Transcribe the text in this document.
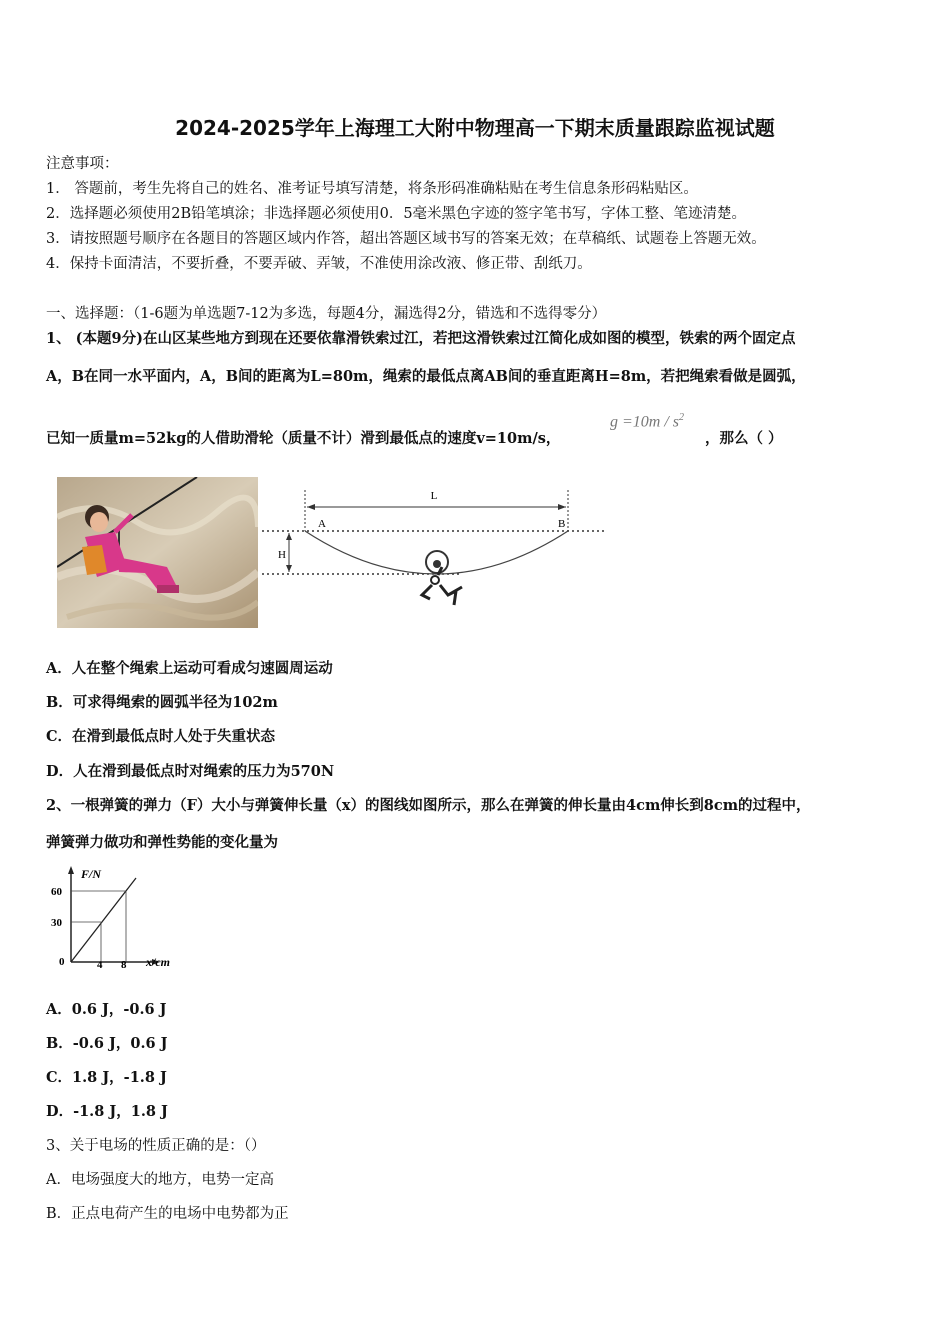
2024-2025学年上海理工大附中物理高一下期末质量跟踪监视试题
注意事项：
1． 答题前，考生先将自己的姓名、准考证号填写清楚，将条形码准确粘贴在考生信息条形码粘贴区。
2．选择题必须使用2B铅笔填涂；非选择题必须使用0．5毫米黑色字迹的签字笔书写，字体工整、笔迹清楚。
3．请按照题号顺序在各题目的答题区域内作答，超出答题区域书写的答案无效；在草稿纸、试题卷上答题无效。
4．保持卡面清洁，不要折叠，不要弄破、弄皱，不准使用涂改液、修正带、刮纸刀。
一、选择题：（1-6题为单选题7-12为多选，每题4分，漏选得2分，错选和不选得零分）
1、 (本题9分)在山区某些地方到现在还要依靠滑铁索过江，若把这滑铁索过江简化成如图的模型，铁索的两个固定点
A，B在同一水平面内，A，B间的距离为L=80m，绳索的最低点离AB间的垂直距离H=8m，若把绳索看做是圆弧，
已知一质量m=52kg的人借助滑轮（质量不计）滑到最低点的速度v=10m/s，
$g =10m / s^2$
，那么（ ）
L
A	B
H
A．人在整个绳索上运动可看成匀速圆周运动
B．可求得绳索的圆弧半径为102m
C．在滑到最低点时人处于失重状态
D．人在滑到最低点时对绳索的压力为570N
2、一根弹簧的弹力（F）大小与弹簧伸长量（x）的图线如图所示，那么在弹簧的伸长量由4cm伸长到8cm的过程中，
弹簧弹力做功和弹性势能的变化量为
F/N
x/cm
0
60
30
4 8
A．0.6 J，-0.6 J
B．-0.6 J，0.6 J
C．1.8 J，-1.8 J
D．-1.8 J，1.8 J
3、关于电场的性质正确的是：（）
A．电场强度大的地方，电势一定高
B．正点电荷产生的电场中电势都为正
